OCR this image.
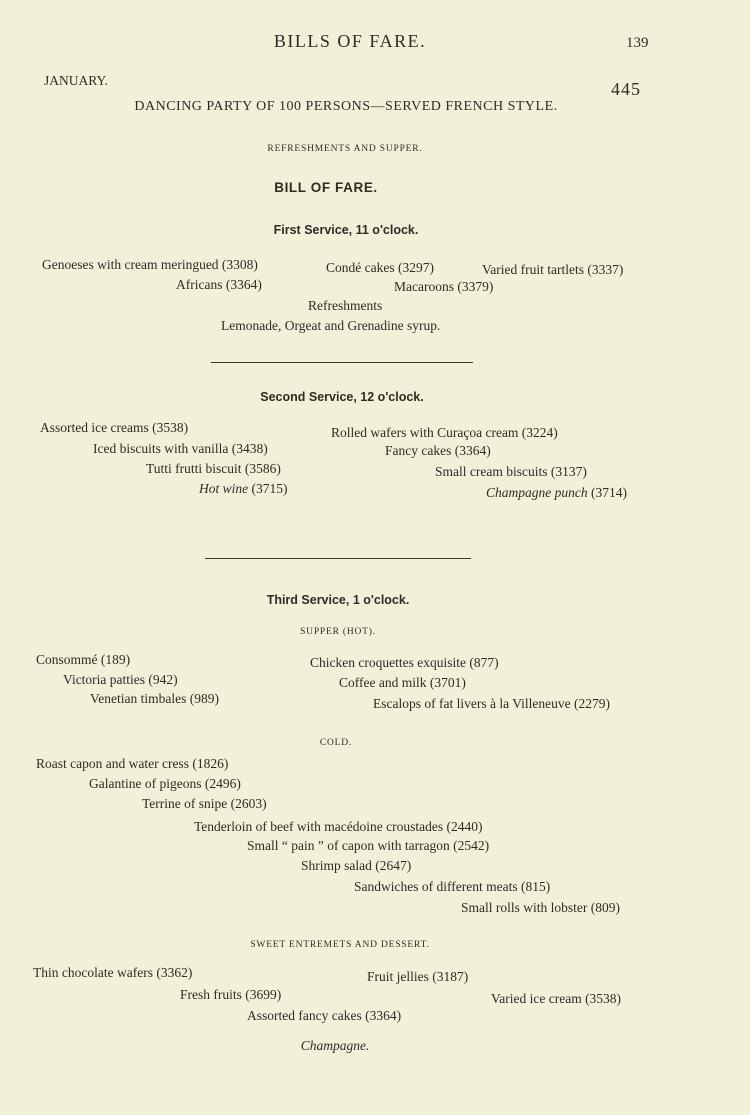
BILLS OF FARE.	139
JANUARY.	445
DANCING PARTY OF 100 PERSONS—SERVED FRENCH STYLE.
REFRESHMENTS AND SUPPER.
BILL OF FARE.
First Service, 11 o'clock.
Genoeses with cream meringued (3308)	Condé cakes (3297)	Varied fruit tartlets (3337)
Africans (3364)	Macaroons (3379)
Refreshments
Lemonade, Orgeat and Grenadine syrup.
Second Service, 12 o'clock.
Assorted ice creams (3538)	Rolled wafers with Curaçoa cream (3224)
Iced biscuits with vanilla (3438)	Fancy cakes (3364)
Tutti frutti biscuit (3586)	Small cream biscuits (3137)
Hot wine (3715)	Champagne punch (3714)
Third Service, 1 o'clock.
SUPPER (HOT).
Consommé (189)	Chicken croquettes exquisite (877)
Victoria patties (942)	Coffee and milk (3701)
Venetian timbales (989)	Escalops of fat livers à la Villeneuve (2279)
COLD.
Roast capon and water cress (1826)
Galantine of pigeons (2496)
Terrine of snipe (2603)
Tenderloin of beef with macédoine croustades (2440)
Small “ pain ” of capon with tarragon (2542)
Shrimp salad (2647)
Sandwiches of different meats (815)
Small rolls with lobster (809)
SWEET ENTREMETS AND DESSERT.
Thin chocolate wafers (3362)	Fruit jellies (3187)
Fresh fruits (3699)	Varied ice cream (3538)
Assorted fancy cakes (3364)
Champagne.
